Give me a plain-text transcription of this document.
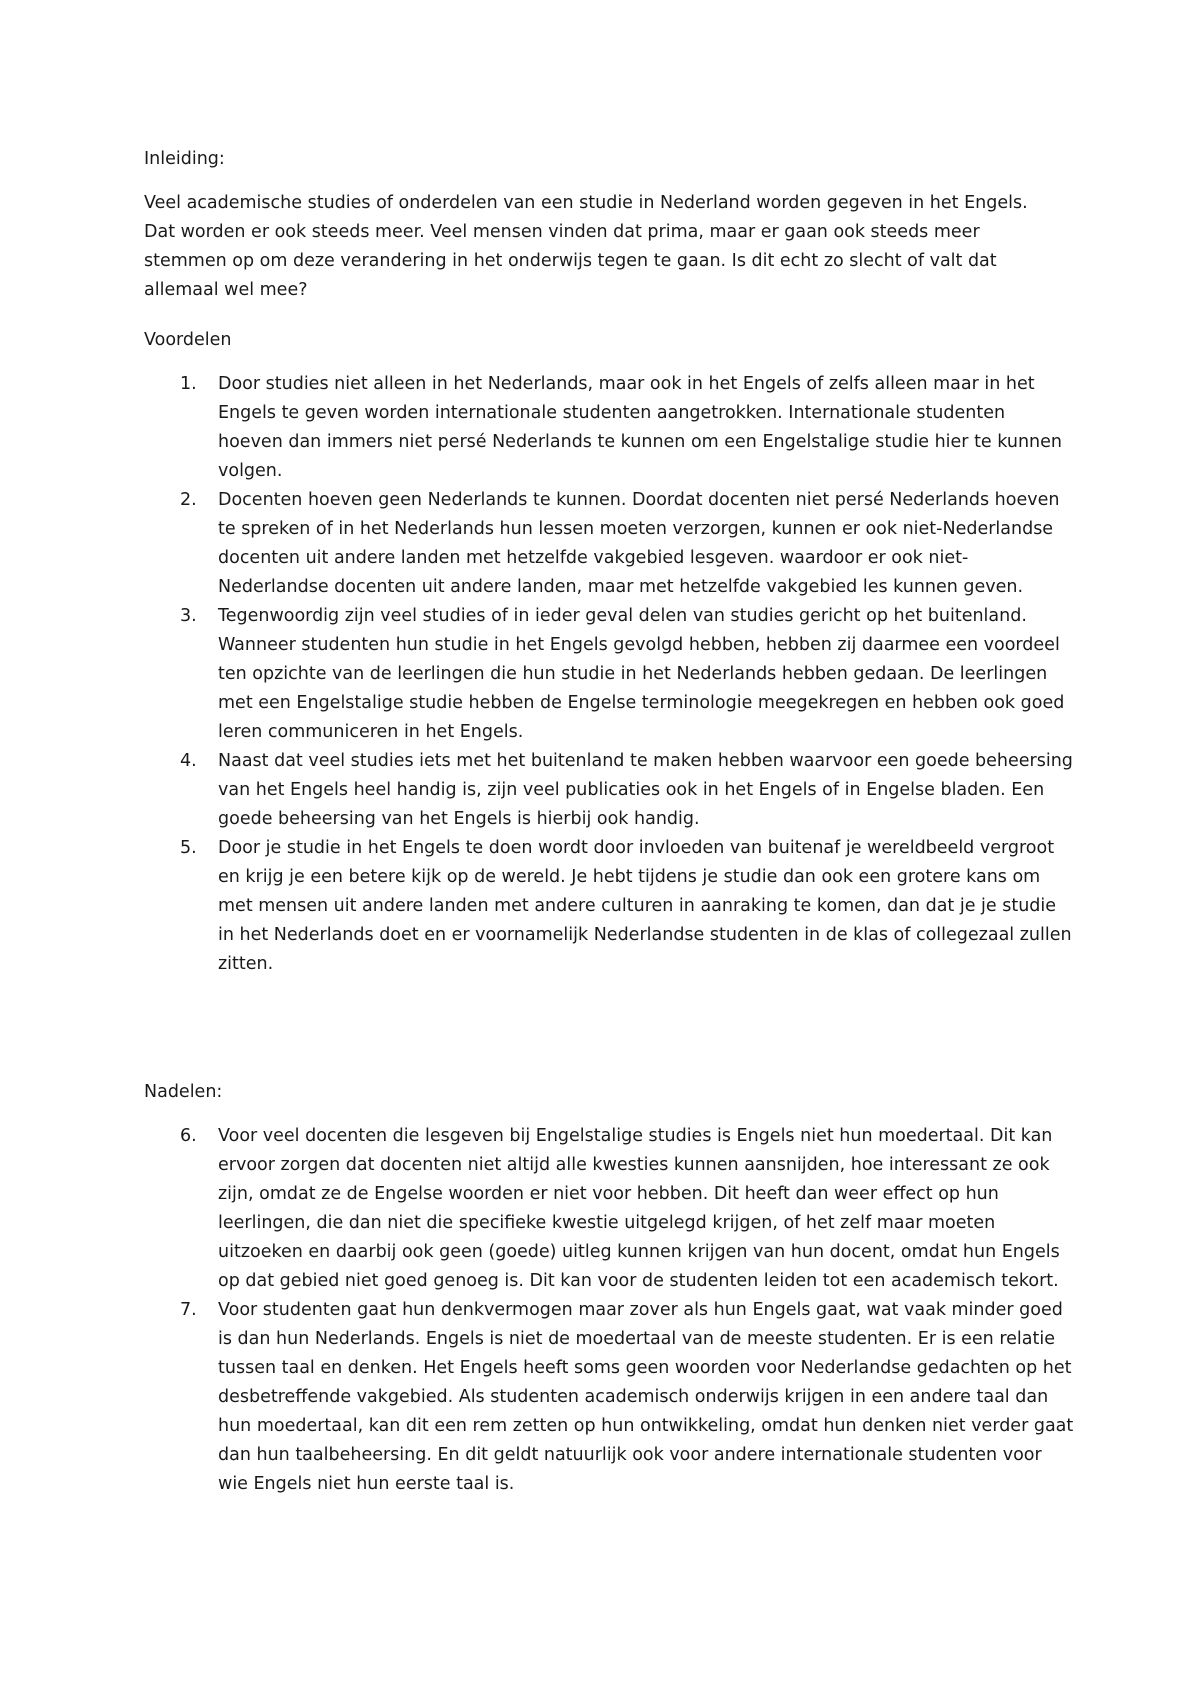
Inleiding:

Veel academische studies of onderdelen van een studie in Nederland worden gegeven in het Engels. Dat worden er ook steeds meer. Veel mensen vinden dat prima, maar er gaan ook steeds meer stemmen op om deze verandering in het onderwijs tegen te gaan. Is dit echt zo slecht of valt dat allemaal wel mee?

Voordelen

1.	Door studies niet alleen in het Nederlands, maar ook in het Engels of zelfs alleen maar in het Engels te geven worden internationale studenten aangetrokken. Internationale studenten hoeven dan immers niet persé Nederlands te kunnen om een Engelstalige studie hier te kunnen volgen.
2.	Docenten hoeven geen Nederlands te kunnen. Doordat docenten niet persé Nederlands hoeven te spreken of in het Nederlands hun lessen moeten verzorgen, kunnen er ook niet-Nederlandse docenten uit andere landen met hetzelfde vakgebied lesgeven. waardoor er ook niet-Nederlandse docenten uit andere landen, maar met hetzelfde vakgebied les kunnen geven.
3.	Tegenwoordig zijn veel studies of in ieder geval delen van studies gericht op het buitenland. Wanneer studenten hun studie in het Engels gevolgd hebben, hebben zij daarmee een voordeel ten opzichte van de leerlingen die hun studie in het Nederlands hebben gedaan. De leerlingen met een Engelstalige studie hebben de Engelse terminologie meegekregen en hebben ook goed leren communiceren in het Engels.
4.	Naast dat veel studies iets met het buitenland te maken hebben waarvoor een goede beheersing van het Engels heel handig is, zijn veel publicaties ook in het Engels of in Engelse bladen. Een goede beheersing van het Engels is hierbij ook handig.
5.	Door je studie in het Engels te doen wordt door invloeden van buitenaf je wereldbeeld vergroot en krijg je een betere kijk op de wereld. Je hebt tijdens je studie dan ook een grotere kans om met mensen uit andere landen met andere culturen in aanraking te komen, dan dat je je studie in het Nederlands doet en er voornamelijk Nederlandse studenten in de klas of collegezaal zullen zitten.

Nadelen:

6.	Voor veel docenten die lesgeven bij Engelstalige studies is Engels niet hun moedertaal. Dit kan ervoor zorgen dat docenten niet altijd alle kwesties kunnen aansnijden, hoe interessant ze ook zijn, omdat ze de Engelse woorden er niet voor hebben. Dit heeft dan weer effect op hun leerlingen, die dan niet die specifieke kwestie uitgelegd krijgen, of het zelf maar moeten uitzoeken en daarbij ook geen (goede) uitleg kunnen krijgen van hun docent, omdat hun Engels op dat gebied niet goed genoeg is. Dit kan voor de studenten leiden tot een academisch tekort.
7.	Voor studenten gaat hun denkvermogen maar zover als hun Engels gaat, wat vaak minder goed is dan hun Nederlands. Engels is niet de moedertaal van de meeste studenten. Er is een relatie tussen taal en denken. Het Engels heeft soms geen woorden voor Nederlandse gedachten op het desbetreffende vakgebied. Als studenten academisch onderwijs krijgen in een andere taal dan hun moedertaal, kan dit een rem zetten op hun ontwikkeling, omdat hun denken niet verder gaat dan hun taalbeheersing. En dit geldt natuurlijk ook voor andere internationale studenten voor wie Engels niet hun eerste taal is.
